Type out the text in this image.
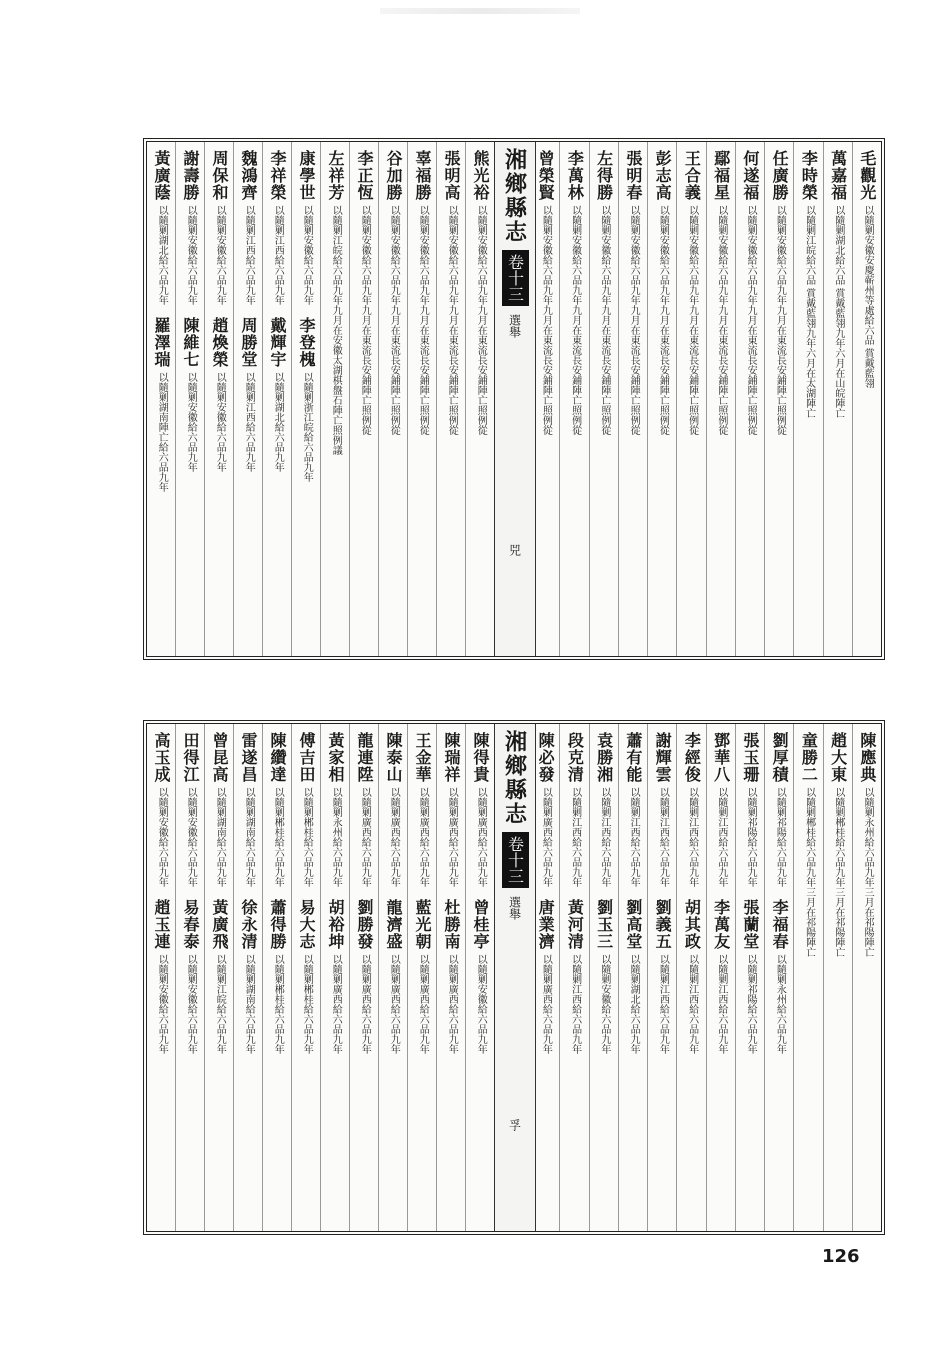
毛觀光
以隨剿安徽安慶蕲州等處給六品 賞戴藍翎
萬嘉福
以隨剿湖北給六品 賞戴藍翎九年六月在山皖陣亡
李時榮
以隨剿江皖給六品 賞戴藍翎九年六月在太湖陣亡
任廣勝
以隨剿安徽給六品九年九月在東流長安鋪陣亡照例從
何遂福
以隨剿安徽給六品九年九月在東流長安鋪陣亡照例從
鄢福星
以隨剿安徽給六品九年九月在東流長安鋪陣亡照例從
王合義
以隨剿安徽給六品九年九月在東流長安鋪陣亡照例從
彭志高
以隨剿安徽給六品九年九月在東流長安鋪陣亡照例從
張明春
以隨剿安徽給六品九年九月在東流長安鋪陣亡照例從
左得勝
以隨剿安徽給六品九年九月在東流長安鋪陣亡照例從
李萬林
以隨剿安徽給六品九年九月在東流長安鋪陣亡照例從
曾榮賢
以隨剿安徽給六品九年九月在東流長安鋪陣亡照例從
湘鄉縣志
卷十三
選舉
兕
熊光裕
以隨剿安徽給六品九年九月在東流長安鋪陣亡照例從
張明高
以隨剿安徽給六品九年九月在東流長安鋪陣亡照例從
辜福勝
以隨剿安徽給六品九年九月在東流長安鋪陣亡照例從
谷加勝
以隨剿安徽給六品九年九月在東流長安鋪陣亡照例從
李正恆
以隨剿安徽給六品九年九月在東流長安鋪陣亡照例從
左祥芳
以隨剿江皖給六品九年九月在安徽太湖棋盤石陣亡照例議
康學世
以隨剿安徽給六品九年
李登槐
以隨剿浙江皖給六品九年
李祥榮
以隨剿江西給六品九年
戴輝宇
以隨剿湖北給六品九年
魏鴻齊
以隨剿江西給六品九年
周勝堂
以隨剿江西給六品九年
周保和
以隨剿安徽給六品九年
趙煥榮
以隨剿安徽給六品九年
謝壽勝
以隨剿安徽給六品九年
陳維七
以隨剿安徽給六品九年
黃廣蔭
以隨剿湖北給六品九年
羅澤瑞
以隨剿湖南陣亡給六品九年
陳應典
以隨剿永州給六品九年三月在祁陽陣亡
趙大東
以隨剿郴桂給六品九年三月在祁陽陣亡
童勝二
以隨剿郴桂給六品九年三月在祁陽陣亡
劉厚積
以隨剿祁陽給六品九年
李福春
以隨剿永州給六品九年
張玉珊
以隨剿祁陽給六品九年
張蘭堂
以隨剿祁陽給六品九年
鄧華八
以隨剿江西給六品九年
李萬友
以隨剿江西給六品九年
李經俊
以隨剿江西給六品九年
胡其政
以隨剿江西給六品九年
謝輝雲
以隨剿江西給六品九年
劉義五
以隨剿江西給六品九年
蕭有能
以隨剿江西給六品九年
劉高堂
以隨剿湖北給六品九年
袁勝湘
以隨剿江西給六品九年
劉玉三
以隨剿安徽給六品九年
段克清
以隨剿江西給六品九年
黃河清
以隨剿江西給六品九年
陳必發
以隨剿廣西給六品九年
唐業濟
以隨剿廣西給六品九年
湘鄉縣志
卷十三
選舉
孚
陳得貴
以隨剿廣西給六品九年
曾桂亭
以隨剿安徽給六品九年
陳瑞祥
以隨剿廣西給六品九年
杜勝南
以隨剿廣西給六品九年
王金華
以隨剿廣西給六品九年
藍光朝
以隨剿廣西給六品九年
陳泰山
以隨剿廣西給六品九年
龍濟盛
以隨剿廣西給六品九年
龍連陞
以隨剿廣西給六品九年
劉勝發
以隨剿廣西給六品九年
黃家相
以隨剿永州給六品九年
胡裕坤
以隨剿廣西給六品九年
傅吉田
以隨剿郴桂給六品九年
易大志
以隨剿郴桂給六品九年
陳纘達
以隨剿郴桂給六品九年
蕭得勝
以隨剿郴桂給六品九年
雷遂昌
以隨剿湖南給六品九年
徐永清
以隨剿湖南給六品九年
曾昆高
以隨剿湖南給六品九年
黃廣飛
以隨剿江皖給六品九年
田得江
以隨剿安徽給六品九年
易春泰
以隨剿安徽給六品九年
高玉成
以隨剿安徽給六品九年
趙玉連
以隨剿安徽給六品九年
126
